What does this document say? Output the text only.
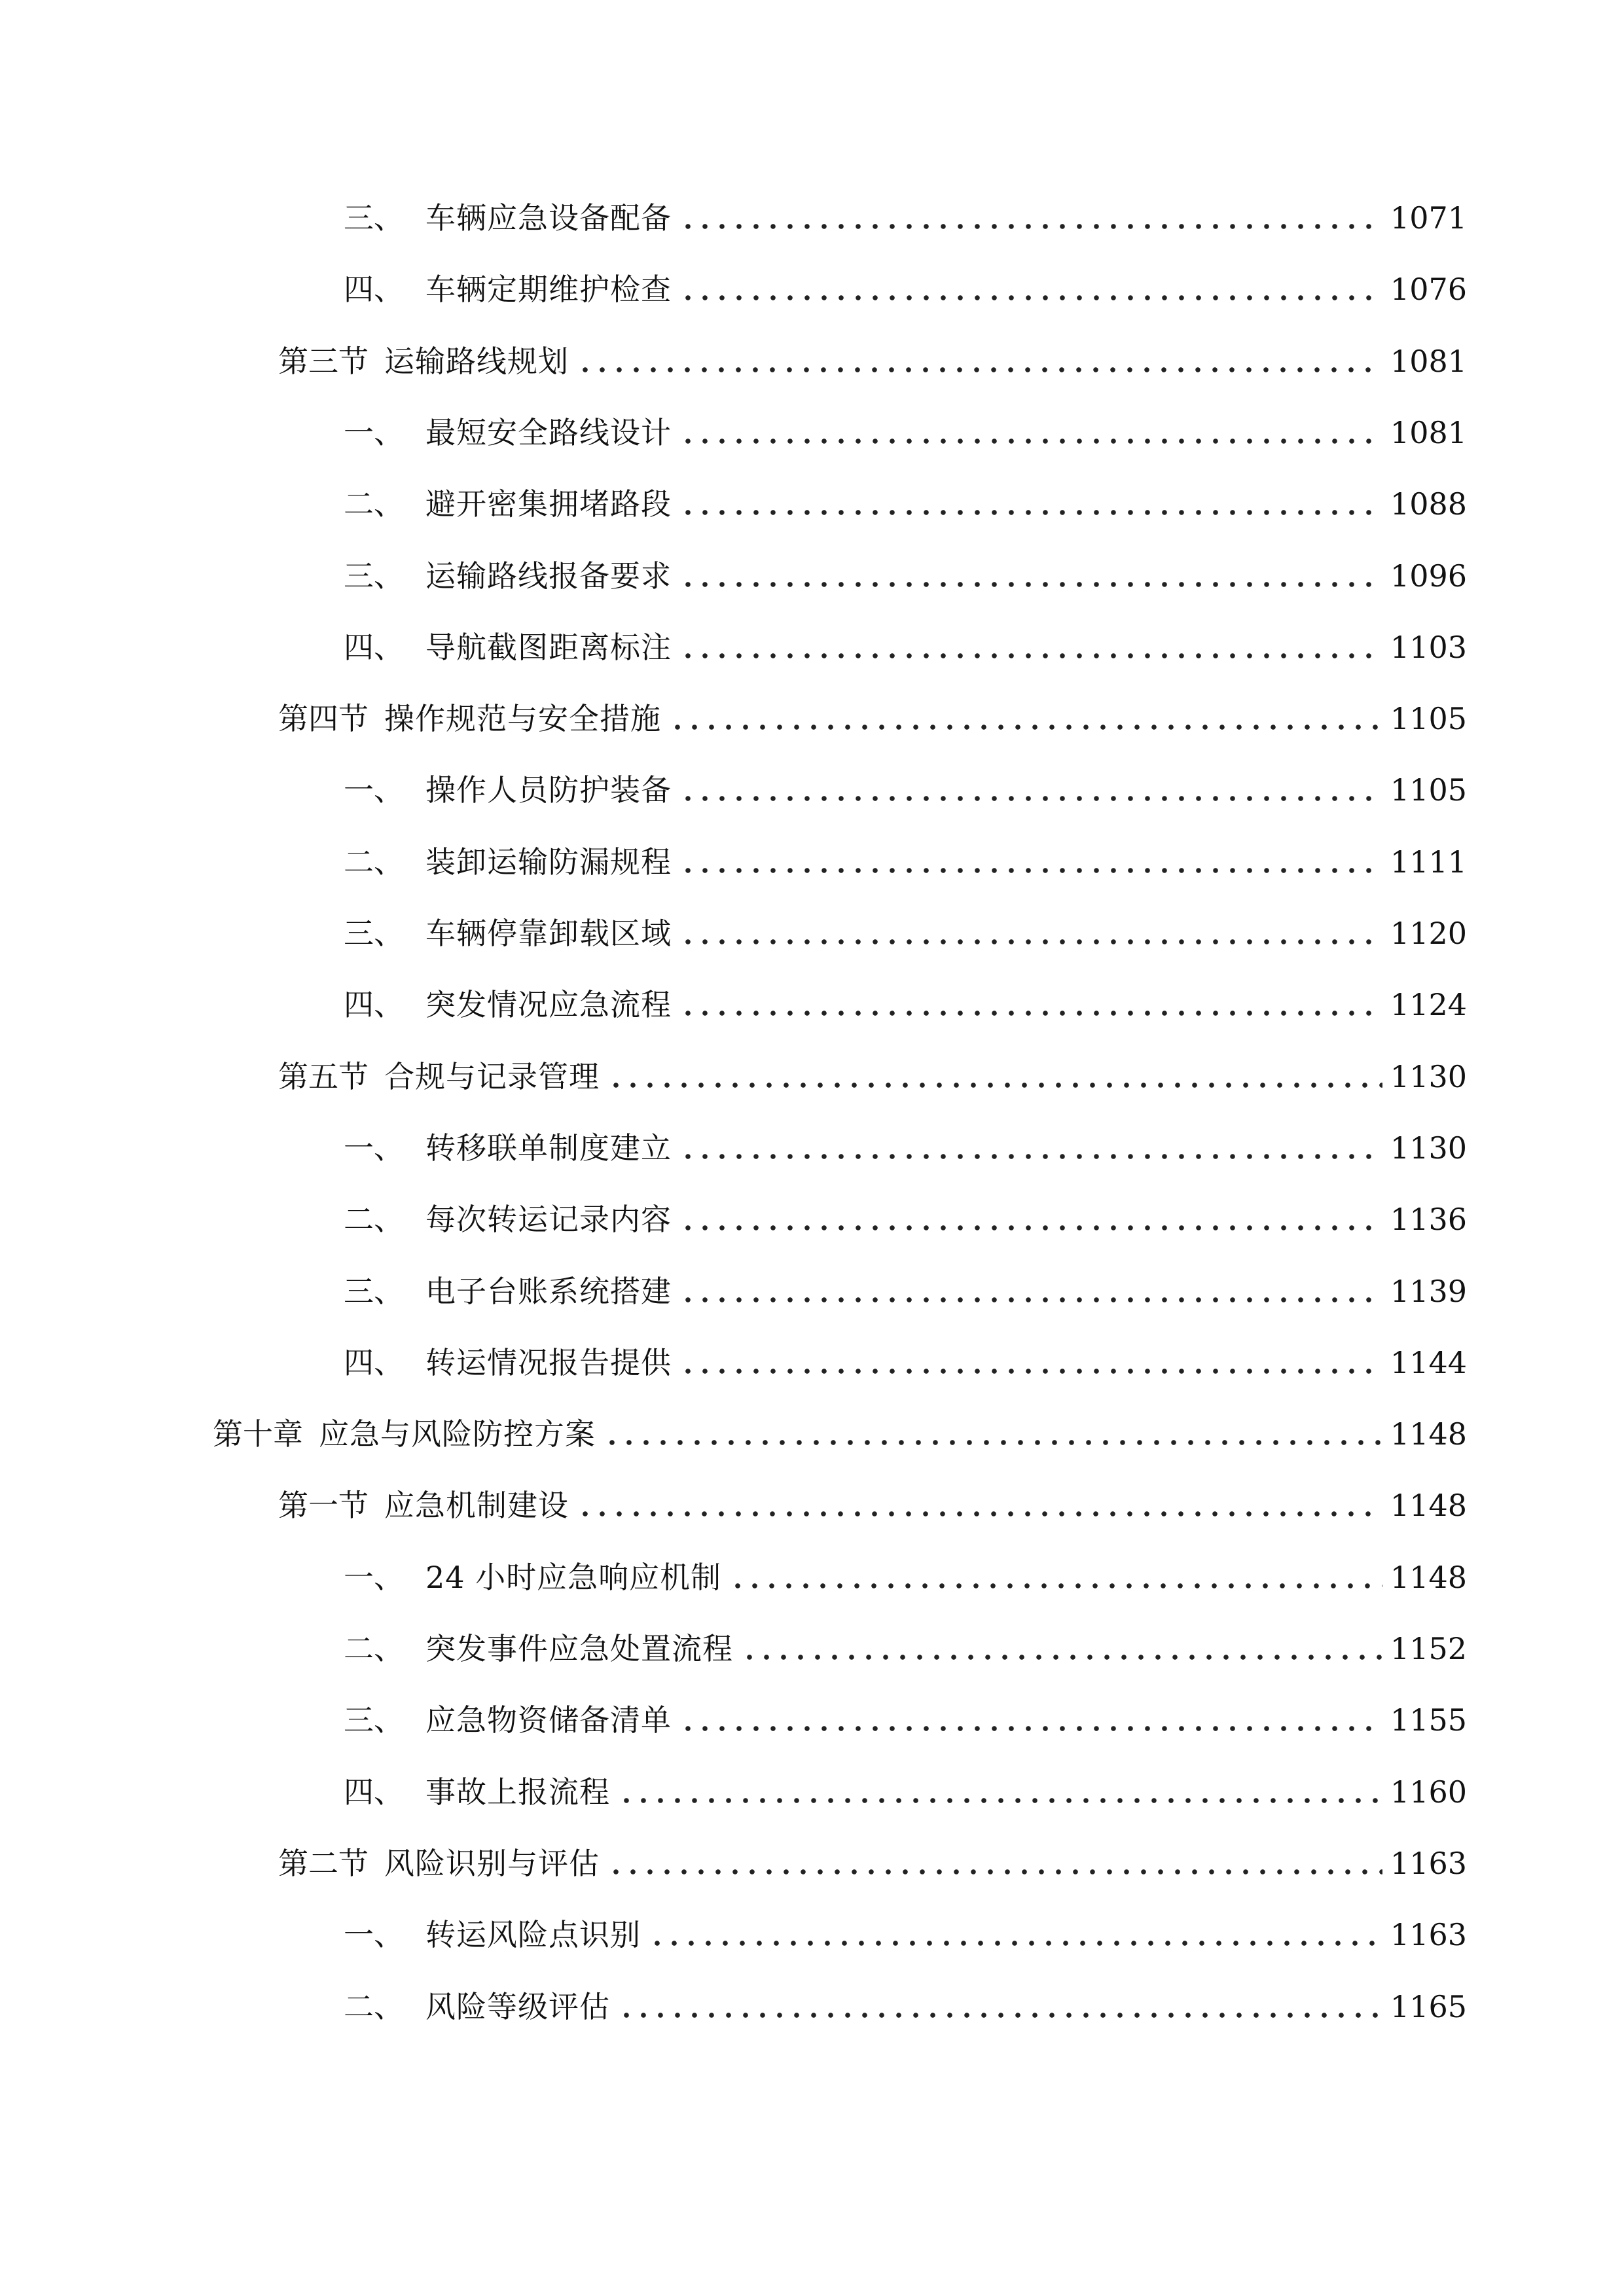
三、 车辆应急设备配备	1071
四、 车辆定期维护检查	1076
第三节 运输路线规划	1081
一、 最短安全路线设计	1081
二、 避开密集拥堵路段	1088
三、 运输路线报备要求	1096
四、 导航截图距离标注	1103
第四节 操作规范与安全措施	1105
一、 操作人员防护装备	1105
二、 装卸运输防漏规程	1111
三、 车辆停靠卸载区域	1120
四、 突发情况应急流程	1124
第五节 合规与记录管理	1130
一、 转移联单制度建立	1130
二、 每次转运记录内容	1136
三、 电子台账系统搭建	1139
四、 转运情况报告提供	1144
第十章 应急与风险防控方案	1148
第一节 应急机制建设	1148
一、 24 小时应急响应机制	1148
二、 突发事件应急处置流程	1152
三、 应急物资储备清单	1155
四、 事故上报流程	1160
第二节 风险识别与评估	1163
一、 转运风险点识别	1163
二、 风险等级评估	1165
